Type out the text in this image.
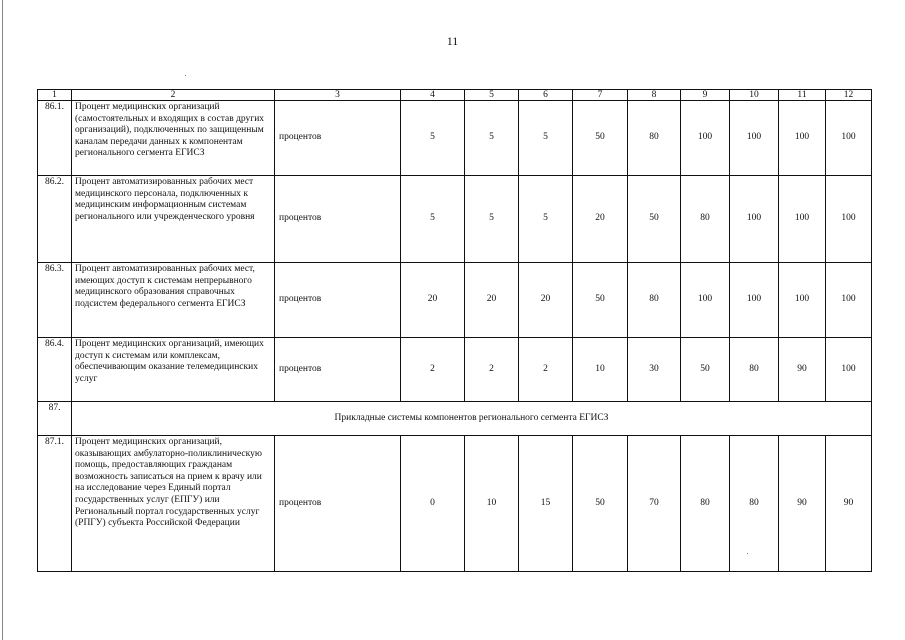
11
1	2	3	4	5	6	7	8	9	10	11	12
86.1.	Процент медицинских организаций (самостоятельных и входящих в состав других организаций), подключенных по защищенным каналам передачи данных к компонентам регионального сегмента ЕГИСЗ	процентов	5	5	5	50	80	100	100	100	100
86.2.	Процент автоматизированных рабочих мест медицинского персонала, подключенных к медицинским информационным системам регионального или учрежденческого уровня	процентов	5	5	5	20	50	80	100	100	100
86.3.	Процент автоматизированных рабочих мест, имеющих доступ к системам непрерывного медицинского образования справочных подсистем федерального сегмента ЕГИСЗ	процентов	20	20	20	50	80	100	100	100	100
86.4.	Процент медицинских организаций, имеющих доступ к системам или комплексам, обеспечивающим оказание телемедицинских услуг	процентов	2	2	2	10	30	50	80	90	100
87.	Прикладные системы компонентов регионального сегмента ЕГИСЗ										
87.1.	Процент медицинских организаций, оказывающих амбулаторно-поликлиническую помощь, предоставляющих гражданам возможность записаться на прием к врачу или на исследование через Единый портал государственных услуг (ЕПГУ) или Региональный портал государственных услуг (РПГУ) субъекта Российской Федерации	процентов	0	10	15	50	70	80	80	90	90
